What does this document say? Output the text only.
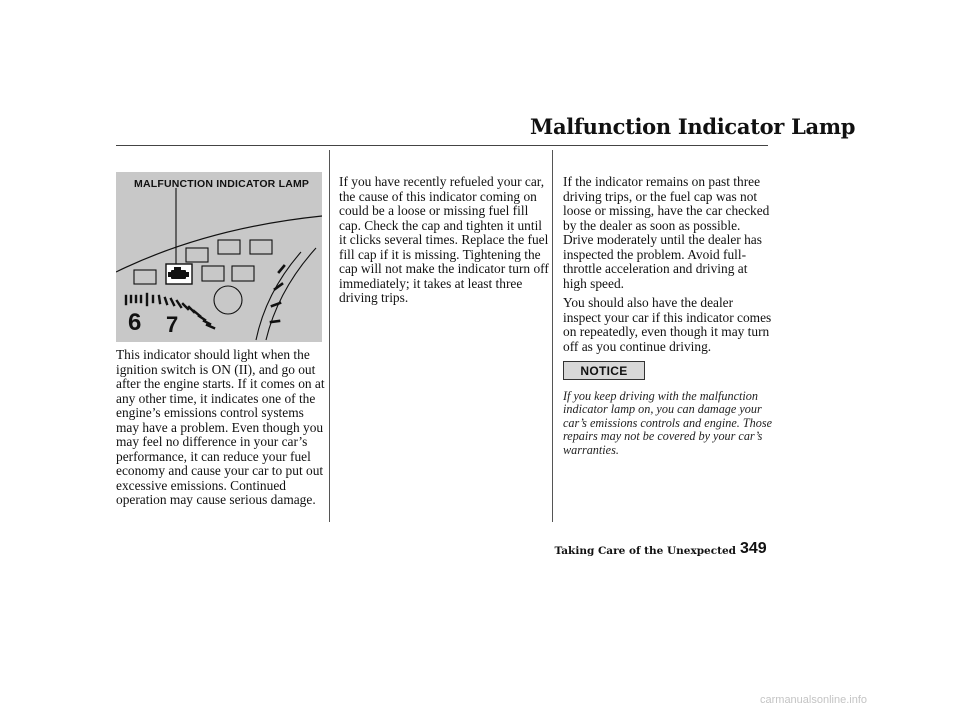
Malfunction Indicator Lamp
6 7
MALFUNCTION INDICATOR LAMP
This indicator should light when the ignition switch is ON (II), and go out after the engine starts. If it comes on at any other time, it indicates one of the engine’s emissions control systems may have a problem. Even though you may feel no difference in your car’s performance, it can reduce your fuel economy and cause your car to put out excessive emissions. Continued operation may cause serious damage.
If you have recently refueled your car, the cause of this indicator coming on could be a loose or missing fuel fill cap. Check the cap and tighten it until it clicks several times. Replace the fuel fill cap if it is missing. Tightening the cap will not make the indicator turn off immediately; it takes at least three driving trips.
If the indicator remains on past three driving trips, or the fuel cap was not loose or missing, have the car checked by the dealer as soon as possible. Drive moderately until the dealer has inspected the problem. Avoid full-throttle acceleration and driving at high speed.
You should also have the dealer inspect your car if this indicator comes on repeatedly, even though it may turn off as you continue driving.
NOTICE
If you keep driving with the malfunction indicator lamp on, you can damage your car’s emissions controls and engine. Those repairs may not be covered by your car’s warranties.
Taking Care of the Unexpected 349
carmanualsonline.info
